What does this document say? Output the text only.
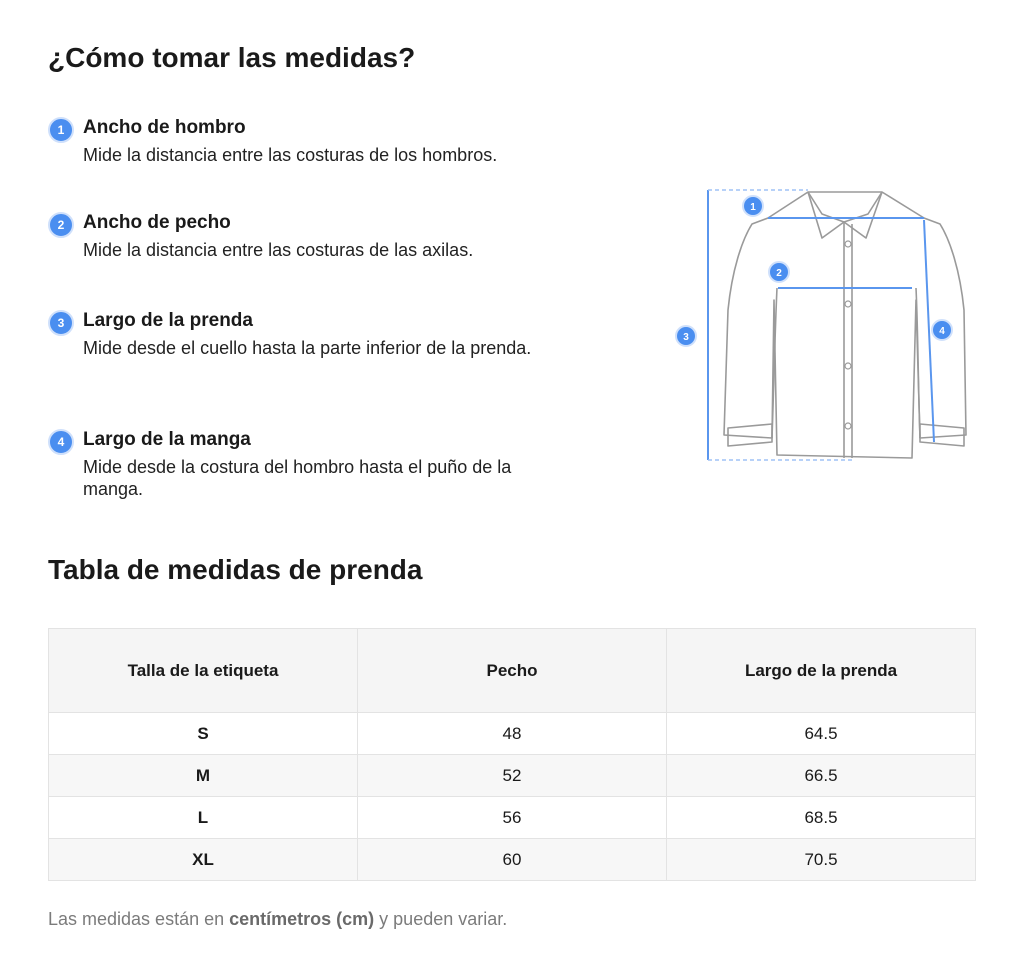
¿Cómo tomar las medidas?
1 Ancho de hombro
Mide la distancia entre las costuras de los hombros.
2 Ancho de pecho
Mide la distancia entre las costuras de las axilas.
3 Largo de la prenda
Mide desde el cuello hasta la parte inferior de la prenda.
4 Largo de la manga
Mide desde la costura del hombro hasta el puño de la manga.
1
2
3
4
Tabla de medidas de prenda
Talla de la etiqueta	Pecho	Largo de la prenda
S	48	64.5
M	52	66.5
L	56	68.5
XL	60	70.5
Las medidas están en centímetros (cm) y pueden variar.
